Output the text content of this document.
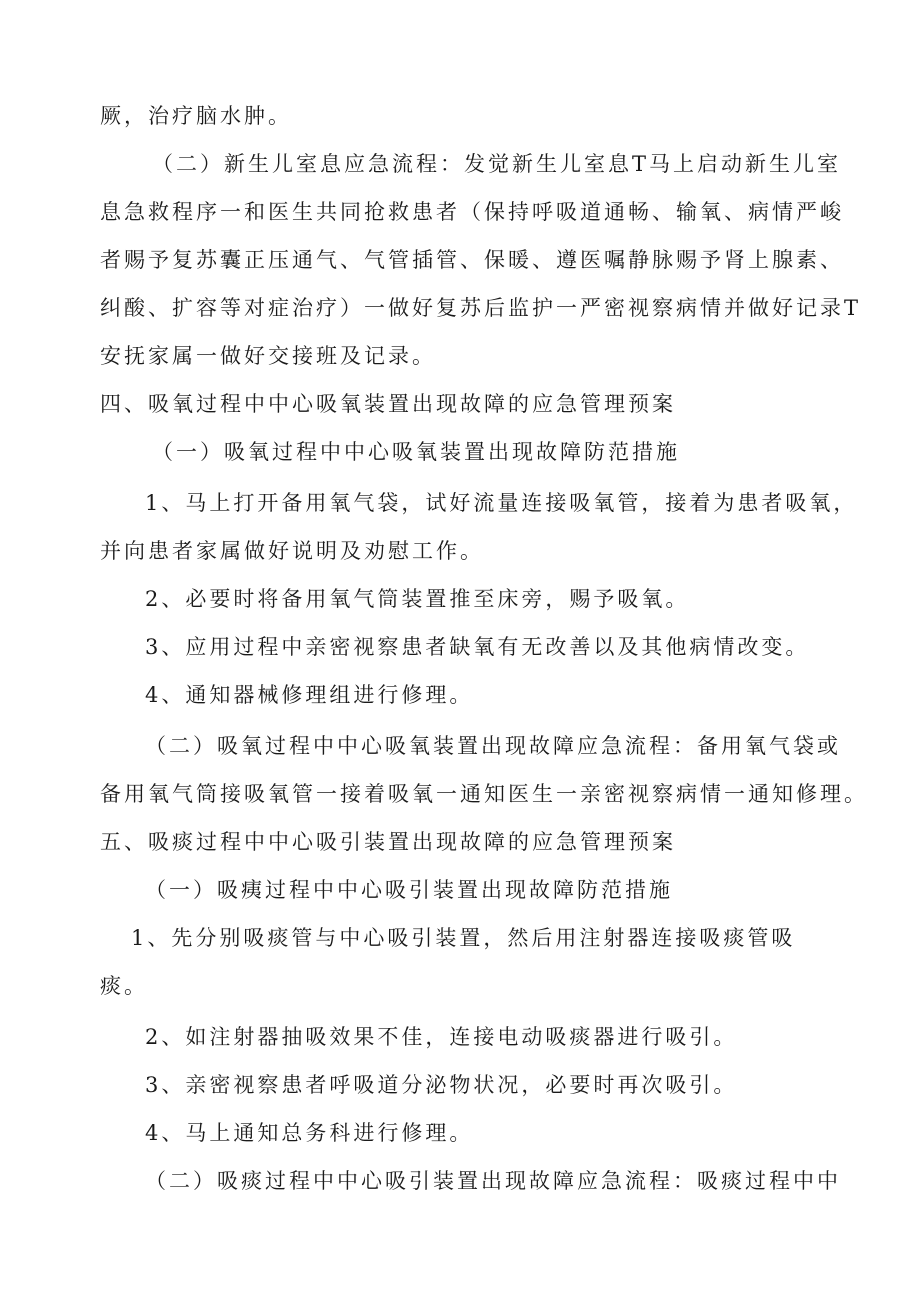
厥，治疗脑水肿。
（二）新生儿室息应急流程：发觉新生儿室息T马上启动新生儿室
息急救程序一和医生共同抢救患者（保持呼吸道通畅、输氧、病情严峻
者赐予复苏囊正压通气、气管插管、保暖、遵医嘱静脉赐予肾上腺素、
纠酸、扩容等对症治疗）一做好复苏后监护一严密视察病情并做好记录T
安抚家属一做好交接班及记录。
四、吸氧过程中中心吸氧装置出现故障的应急管理预案
（一）吸氧过程中中心吸氧装置出现故障防范措施
1、马上打开备用氧气袋，试好流量连接吸氧管，接着为患者吸氧，
并向患者家属做好说明及劝慰工作。
2、必要时将备用氧气筒装置推至床旁，赐予吸氧。
3、应用过程中亲密视察患者缺氧有无改善以及其他病情改变。
4、通知器械修理组进行修理。
（二）吸氧过程中中心吸氧装置出现故障应急流程：备用氧气袋或
备用氧气筒接吸氧管一接着吸氧一通知医生一亲密视察病情一通知修理。
五、吸痰过程中中心吸引装置出现故障的应急管理预案
（一）吸痍过程中中心吸引装置出现故障防范措施
1、先分别吸痰管与中心吸引装置，然后用注射器连接吸痰管吸
痰。
2、如注射器抽吸效果不佳，连接电动吸痰器进行吸引。
3、亲密视察患者呼吸道分泌物状况，必要时再次吸引。
4、马上通知总务科进行修理。
（二）吸痰过程中中心吸引装置出现故障应急流程：吸痰过程中中
